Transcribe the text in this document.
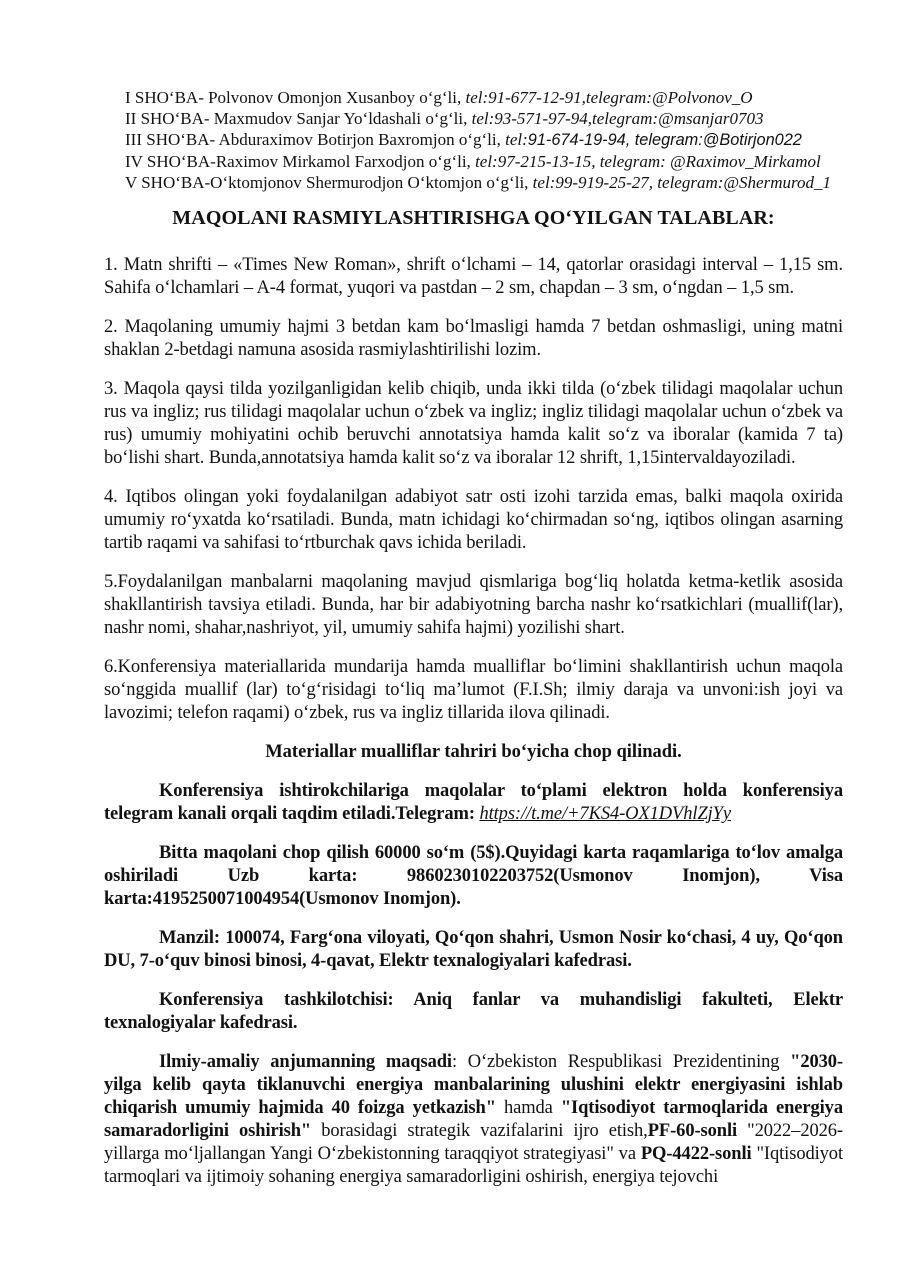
I SHOʻBA- Polvonov Omonjon Xusanboy oʻgʻli, tel:91-677-12-91,telegram:@Polvonov_O

II SHOʻBA- Maxmudov Sanjar Yoʻldashali oʻgʻli, tel:93-571-97-94,telegram:@msanjar0703

III SHOʻBA- Abduraximov Botirjon Baxromjon oʻgʻli, tel:91-674-19-94, telegram:@Botirjon022

IV SHOʻBA-Raximov Mirkamol Farxodjon oʻgʻli, tel:97-215-13-15, telegram: @Raximov_Mirkamol

V SHOʻBA-Oʻktomjonov Shermurodjon Oʻktomjon oʻgʻli, tel:99-919-25-27, telegram:@Shermurod_1

MAQOLANI RASMIYLASHTIRISHGA QOʻYILGAN TALABLAR:

1. Matn shrifti – «Times New Roman», shrift oʻlchami – 14, qatorlar orasidagi interval – 1,15 sm. Sahifa oʻlchamlari – A-4 format, yuqori va pastdan – 2 sm, chapdan – 3 sm, oʻngdan – 1,5 sm.

2. Maqolaning umumiy hajmi 3 betdan kam boʻlmasligi hamda 7 betdan oshmasligi, uning matni shaklan 2-betdagi namuna asosida rasmiylashtirilishi lozim.

3. Maqola qaysi tilda yozilganligidan kelib chiqib, unda ikki tilda (oʻzbek tilidagi maqolalar uchun rus va ingliz; rus tilidagi maqolalar uchun oʻzbek va ingliz; ingliz tilidagi maqolalar uchun oʻzbek va rus) umumiy mohiyatini ochib beruvchi annotatsiya hamda kalit soʻz va iboralar (kamida 7 ta) boʻlishi shart. Bunda,annotatsiya hamda kalit soʻz va iboralar 12 shrift, 1,15intervaldayoziladi.

4. Iqtibos olingan yoki foydalanilgan adabiyot satr osti izohi tarzida emas, balki maqola oxirida umumiy roʻyxatda koʻrsatiladi. Bunda, matn ichidagi koʻchirmadan soʻng, iqtibos olingan asarning tartib raqami va sahifasi toʻrtburchak qavs ichida beriladi.

5.Foydalanilgan manbalarni maqolaning mavjud qismlariga bogʻliq holatda ketma-ketlik asosida shakllantirish tavsiya etiladi. Bunda, har bir adabiyotning barcha nashr koʻrsatkichlari (muallif(lar), nashr nomi, shahar,nashriyot, yil, umumiy sahifa hajmi) yozilishi shart.

6.Konferensiya materiallarida mundarija hamda mualliflar boʻlimini shakllantirish uchun maqola soʻnggida muallif (lar) toʻgʻrisidagi toʻliq maʼlumot (F.I.Sh; ilmiy daraja va unvoni:ish joyi va lavozimi; telefon raqami) oʻzbek, rus va ingliz tillarida ilova qilinadi.

Materiallar mualliflar tahriri boʻyicha chop qilinadi.

Konferensiya ishtirokchilariga maqolalar toʻplami elektron holda konferensiya telegram kanali orqali taqdim etiladi.Telegram: https://t.me/+7KS4-OX1DVhlZjYy

Bitta maqolani chop qilish 60000 soʻm (5$).Quyidagi karta raqamlariga toʻlov amalga oshiriladi Uzb karta: 9860230102203752(Usmonov Inomjon), Visa karta:4195250071004954(Usmonov Inomjon).

Manzil: 100074, Fargʻona viloyati, Qoʻqon shahri, Usmon Nosir koʻchasi, 4 uy, Qoʻqon DU, 7-oʻquv binosi binosi, 4-qavat, Elektr texnalogiyalari kafedrasi.

Konferensiya tashkilotchisi: Aniq fanlar va muhandisligi fakulteti, Elektr texnalogiyalar kafedrasi.

Ilmiy-amaliy anjumanning maqsadi: Oʻzbekiston Respublikasi Prezidentining "2030-yilga kelib qayta tiklanuvchi energiya manbalarining ulushini elektr energiyasini ishlab chiqarish umumiy hajmida 40 foizga yetkazish" hamda "Iqtisodiyot tarmoqlarida energiya samaradorligini oshirish" borasidagi strategik vazifalarini ijro etish,PF-60-sonli "2022–2026-yillarga moʻljallangan Yangi Oʻzbekistonning taraqqiyot strategiyasi" va PQ-4422-sonli "Iqtisodiyot tarmoqlari va ijtimoiy sohaning energiya samaradorligini oshirish, energiya tejovchi
